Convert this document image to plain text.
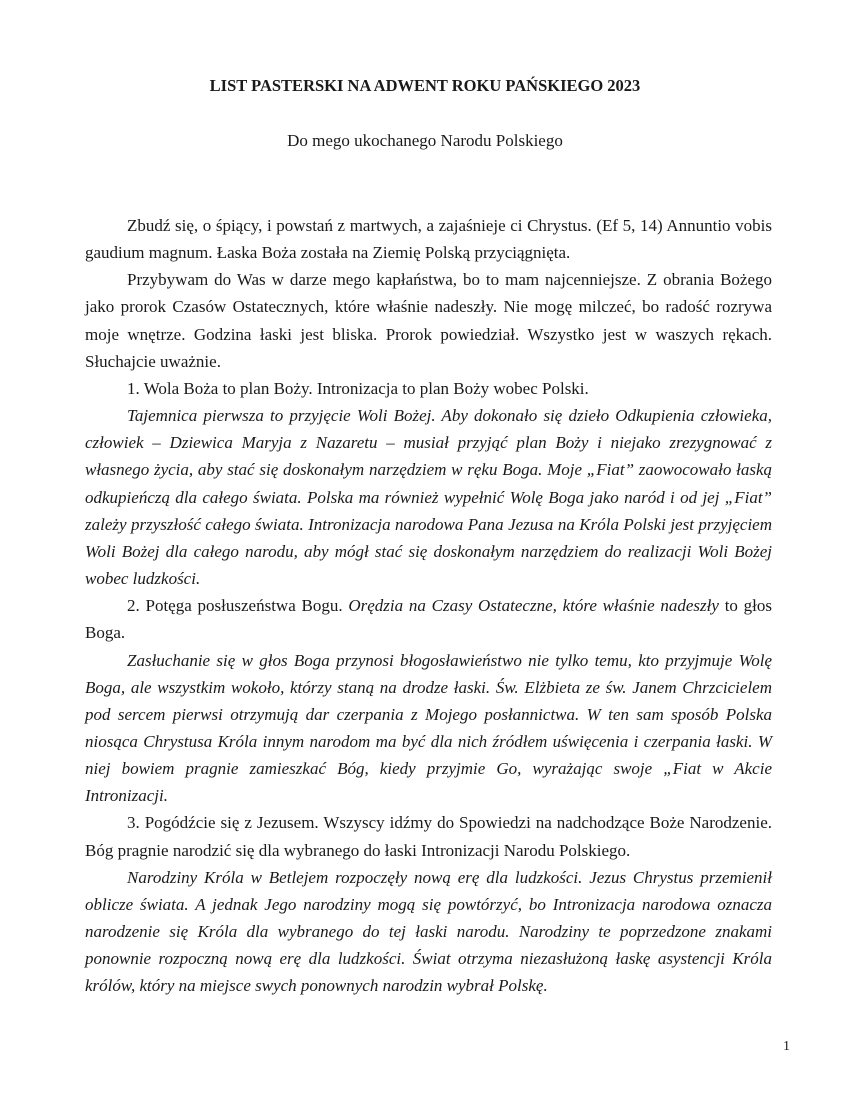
LIST PASTERSKI NA ADWENT ROKU PAŃSKIEGO 2023
Do mego ukochanego Narodu Polskiego

Zbudź się, o śpiący, i powstań z martwych, a zajaśnieje ci Chrystus. (Ef 5, 14) Annuntio vobis gaudium magnum. Łaska Boża została na Ziemię Polską przyciągnięta.

Przybywam do Was w darze mego kapłaństwa, bo to mam najcenniejsze. Z obrania Bożego jako prorok Czasów Ostatecznych, które właśnie nadeszły. Nie mogę milczeć, bo radość rozrywa moje wnętrze. Godzina łaski jest bliska. Prorok powiedział. Wszystko jest w waszych rękach. Słuchajcie uważnie.

1. Wola Boża to plan Boży. Intronizacja to plan Boży wobec Polski.

Tajemnica pierwsza to przyjęcie Woli Bożej. Aby dokonało się dzieło Odkupienia człowieka, człowiek – Dziewica Maryja z Nazaretu – musiał przyjąć plan Boży i niejako zrezygnować z własnego życia, aby stać się doskonałym narzędziem w ręku Boga. Moje „Fiat” zaowocowało łaską odkupieńczą dla całego świata. Polska ma również wypełnić Wolę Boga jako naród i od jej „Fiat” zależy przyszłość całego świata. Intronizacja narodowa Pana Jezusa na Króla Polski jest przyjęciem Woli Bożej dla całego narodu, aby mógł stać się doskonałym narzędziem do realizacji Woli Bożej wobec ludzkości.

2. Potęga posłuszeństwa Bogu. Orędzia na Czasy Ostateczne, które właśnie nadeszły to głos Boga.

Zasłuchanie się w głos Boga przynosi błogosławieństwo nie tylko temu, kto przyjmuje Wolę Boga, ale wszystkim wokoło, którzy staną na drodze łaski. Św. Elżbieta ze św. Janem Chrzcicielem pod sercem pierwsi otrzymują dar czerpania z Mojego posłannictwa. W ten sam sposób Polska niosąca Chrystusa Króla innym narodom ma być dla nich źródłem uświęcenia i czerpania łaski. W niej bowiem pragnie zamieszkać Bóg, kiedy przyjmie Go, wyrażając swoje „Fiat w Akcie Intronizacji.

3. Pogódźcie się z Jezusem. Wszyscy idźmy do Spowiedzi na nadchodzące Boże Narodzenie. Bóg pragnie narodzić się dla wybranego do łaski Intronizacji Narodu Polskiego.

Narodziny Króla w Betlejem rozpoczęły nową erę dla ludzkości. Jezus Chrystus przemienił oblicze świata. A jednak Jego narodziny mogą się powtórzyć, bo Intronizacja narodowa oznacza narodzenie się Króla dla wybranego do tej łaski narodu. Narodziny te poprzedzone znakami ponownie rozpoczną nową erę dla ludzkości. Świat otrzyma niezasłużoną łaskę asystencji Króla królów, który na miejsce swych ponownych narodzin wybrał Polskę.

1
